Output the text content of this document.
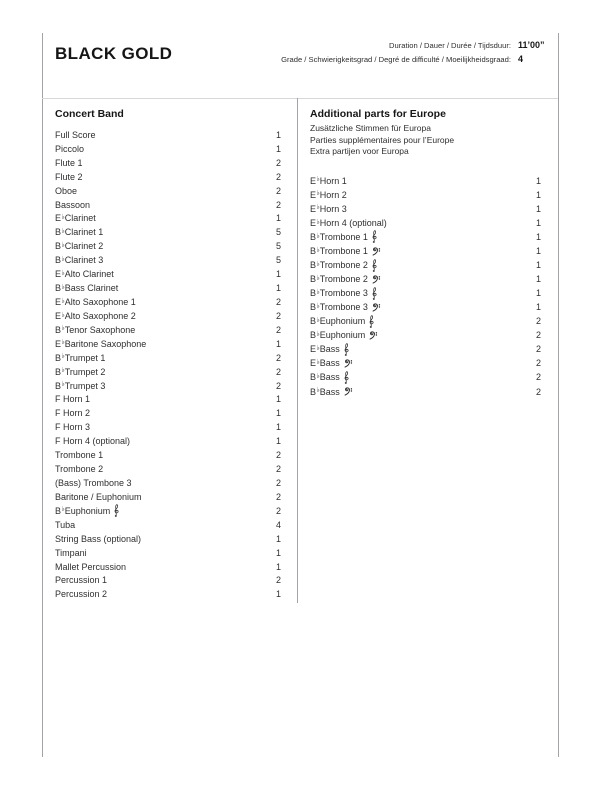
BLACK GOLD	Duration / Dauer / Durée / Tijdsduur: 11’00”
Grade / Schwierigkeitsgrad / Degré de difficulté / Moeilijkheidsgraad: 4
Concert Band
Full Score	1
Piccolo	1
Flute 1	2
Flute 2	2
Oboe	2
Bassoon	2
E ♭ Clarinet	1
B ♭ Clarinet 1	5
B ♭ Clarinet 2	5
B ♭ Clarinet 3	5
E ♭ Alto Clarinet	1
B ♭ Bass Clarinet	1
E ♭ Alto Saxophone 1	2
E ♭ Alto Saxophone 2	2
B ♭ Tenor Saxophone	2
E ♭ Baritone Saxophone	1
B ♭ Trumpet 1	2
B ♭ Trumpet 2	2
B ♭ Trumpet 3	2
F Horn 1	1
F Horn 2	1
F Horn 3	1
F Horn 4 (optional)	1
Trombone 1	2
Trombone 2	2
(Bass) Trombone 3	2
Baritone / Euphonium	2
B ♭ Euphonium	2
Tuba	4
String Bass (optional)	1
Timpani	1
Mallet Percussion	1
Percussion 1	2
Percussion 2	1
Additional parts for Europe
Zusätzliche Stimmen für Europa
Parties supplémentaires pour l’Europe
Extra partijen voor Europa
E ♭ Horn 1	1
E ♭ Horn 2	1
E ♭ Horn 3	1
E ♭ Horn 4 (optional)	1
B ♭ Trombone 1	1
B ♭ Trombone 1	1
B ♭ Trombone 2	1
B ♭ Trombone 2	1
B ♭ Trombone 3	1
B ♭ Trombone 3	1
B ♭ Euphonium	2
B ♭ Euphonium	2
E ♭ Bass	2
E ♭ Bass	2
B ♭ Bass	2
B ♭ Bass	2
